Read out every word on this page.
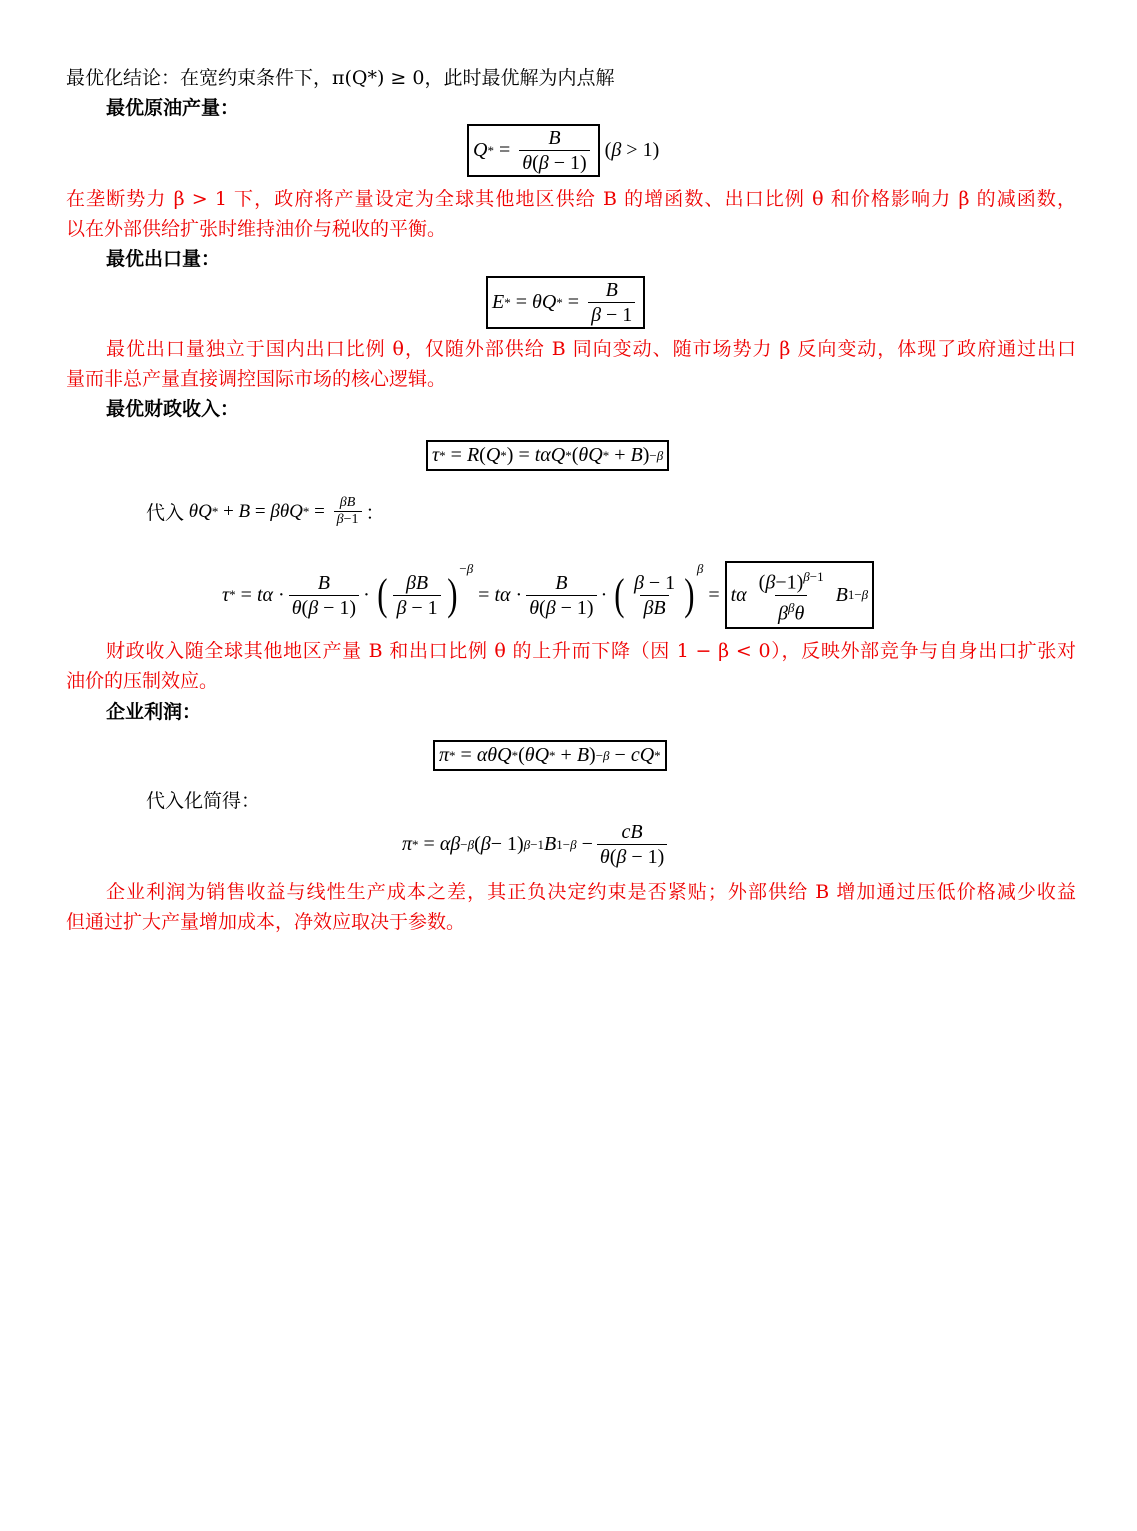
最优化结论：在宽约束条件下，π(Q*) ≥ 0，此时最优解为内点解
最优原油产量：
Q * = $\frac{B}{\theta(\beta - 1)} (\beta > 1)$
在垄断势力 β > 1 下，政府将产量设定为全球其他地区供给 B 的增函数、出口比例 θ 和价格影响力 β 的减函数，
以在外部供给扩张时维持油价与税收的平衡。
最优出口量：
E * = θQ * = $\frac{B}{\beta - 1}$
最优出口量独立于国内出口比例 θ，仅随外部供给 B 同向变动、随市场势力 β 反向变动，体现了政府通过出口
量而非总产量直接调控国际市场的核心逻辑。
最优财政收入：
τ * = R ( Q * ) = tαQ * ( θQ * + B ) −β
代入
θQ * + B = βθQ * = $\frac{\beta B}{\beta-1}$ ：
τ * = $t\alpha \cdot \frac{B}{\theta(\beta - 1)}$ · ( $\frac{\beta B}{\beta - 1}$ )
$^{-\beta}$
= $t\alpha \cdot \frac{B}{\theta(\beta - 1)}$ · ( $\frac{\beta - 1}{\beta B}$ )
$^\beta$
= tα
$\frac{(\beta-1)^{\beta-1}}{\beta^\beta\theta}$
B 1−β
财政收入随全球其他地区产量 B 和出口比例 θ 的上升而下降（因 1 − β < 0），反映外部竞争与自身出口扩张对
油价的压制效应。
企业利润：
π * = αθQ * ( θQ * + B ) −β − cQ *
代入化简得：
π * = αβ −β ( β − 1) β−1 B $1-\beta - \frac{cB}{\theta(\beta - 1)}$
企业利润为销售收益与线性生产成本之差，其正负决定约束是否紧贴；外部供给 B 增加通过压低价格减少收益
但通过扩大产量增加成本，净效应取决于参数。
